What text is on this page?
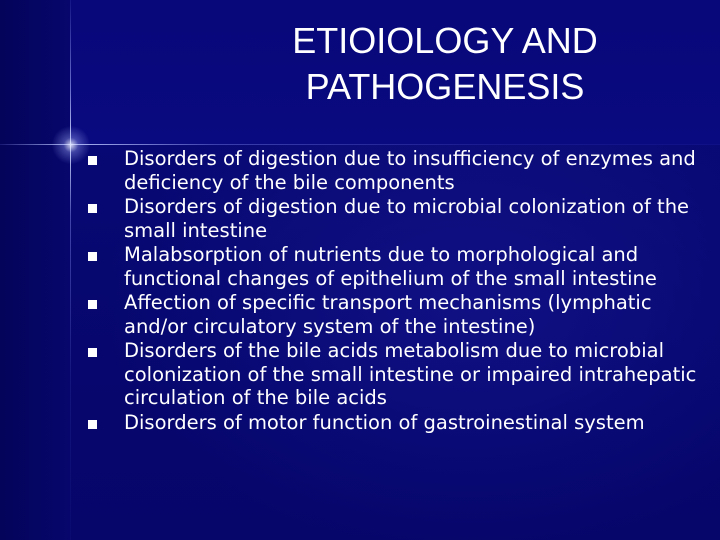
ETIOIOLOGY AND
PATHOGENESIS
Disorders of digestion due to insufficiency of enzymes and deficiency of the bile components
Disorders of digestion due to microbial colonization of the small intestine
Malabsorption of nutrients due to morphological and functional changes of epithelium of the small intestine
Affection of specific transport mechanisms (lymphatic and/or circulatory system of the intestine)
Disorders of the bile acids metabolism due to microbial colonization of the small intestine or impaired intrahepatic circulation of the bile acids
Disorders of motor function of gastroinestinal system
